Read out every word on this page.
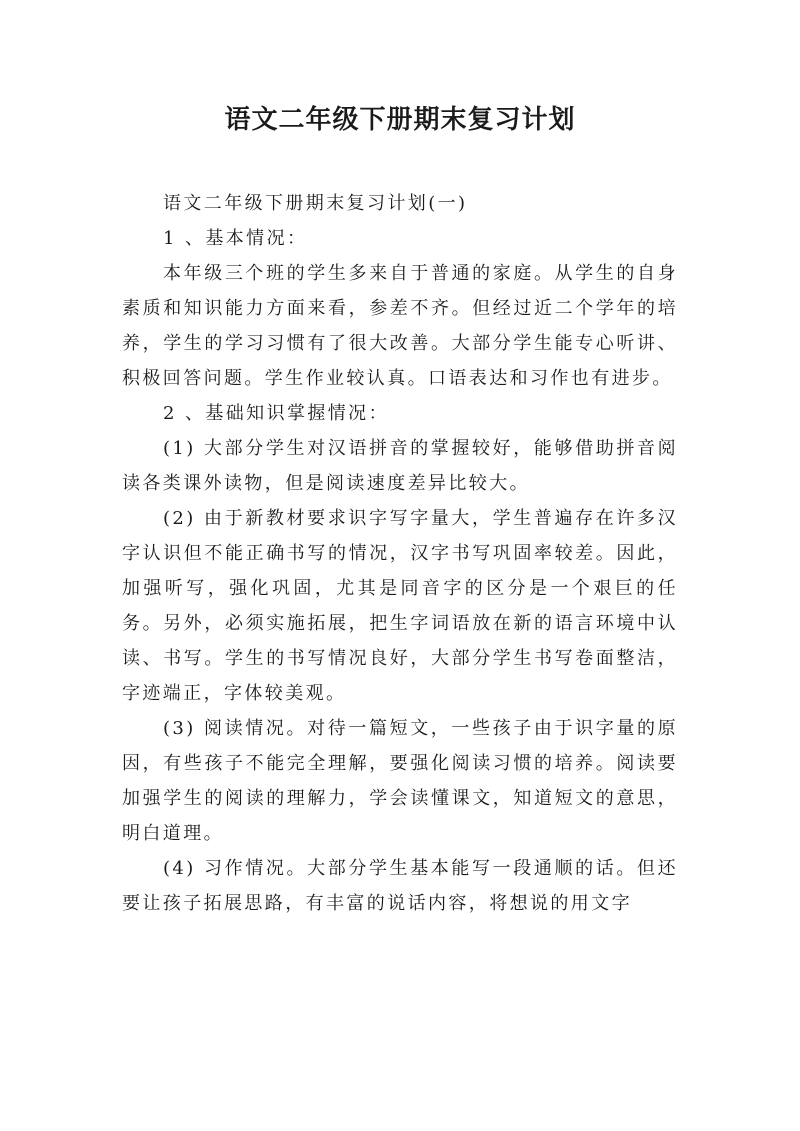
语文二年级下册期末复习计划

语文二年级下册期末复习计划(一)

1 、基本情况：

本年级三个班的学生多来自于普通的家庭。从学生的自身素质和知识能力方面来看，参差不齐。但经过近二个学年的培养，学生的学习习惯有了很大改善。大部分学生能专心听讲、积极回答问题。学生作业较认真。口语表达和习作也有进步。

2 、基础知识掌握情况：

(1) 大部分学生对汉语拼音的掌握较好，能够借助拼音阅读各类课外读物，但是阅读速度差异比较大。

(2) 由于新教材要求识字写字量大，学生普遍存在许多汉字认识但不能正确书写的情况，汉字书写巩固率较差。因此，加强听写，强化巩固，尤其是同音字的区分是一个艰巨的任务。另外，必须实施拓展，把生字词语放在新的语言环境中认读、书写。学生的书写情况良好，大部分学生书写卷面整洁，字迹端正，字体较美观。

(3) 阅读情况。对待一篇短文，一些孩子由于识字量的原因，有些孩子不能完全理解，要强化阅读习惯的培养。阅读要加强学生的阅读的理解力，学会读懂课文，知道短文的意思，明白道理。

(4) 习作情况。大部分学生基本能写一段通顺的话。但还要让孩子拓展思路，有丰富的说话内容，将想说的用文字
